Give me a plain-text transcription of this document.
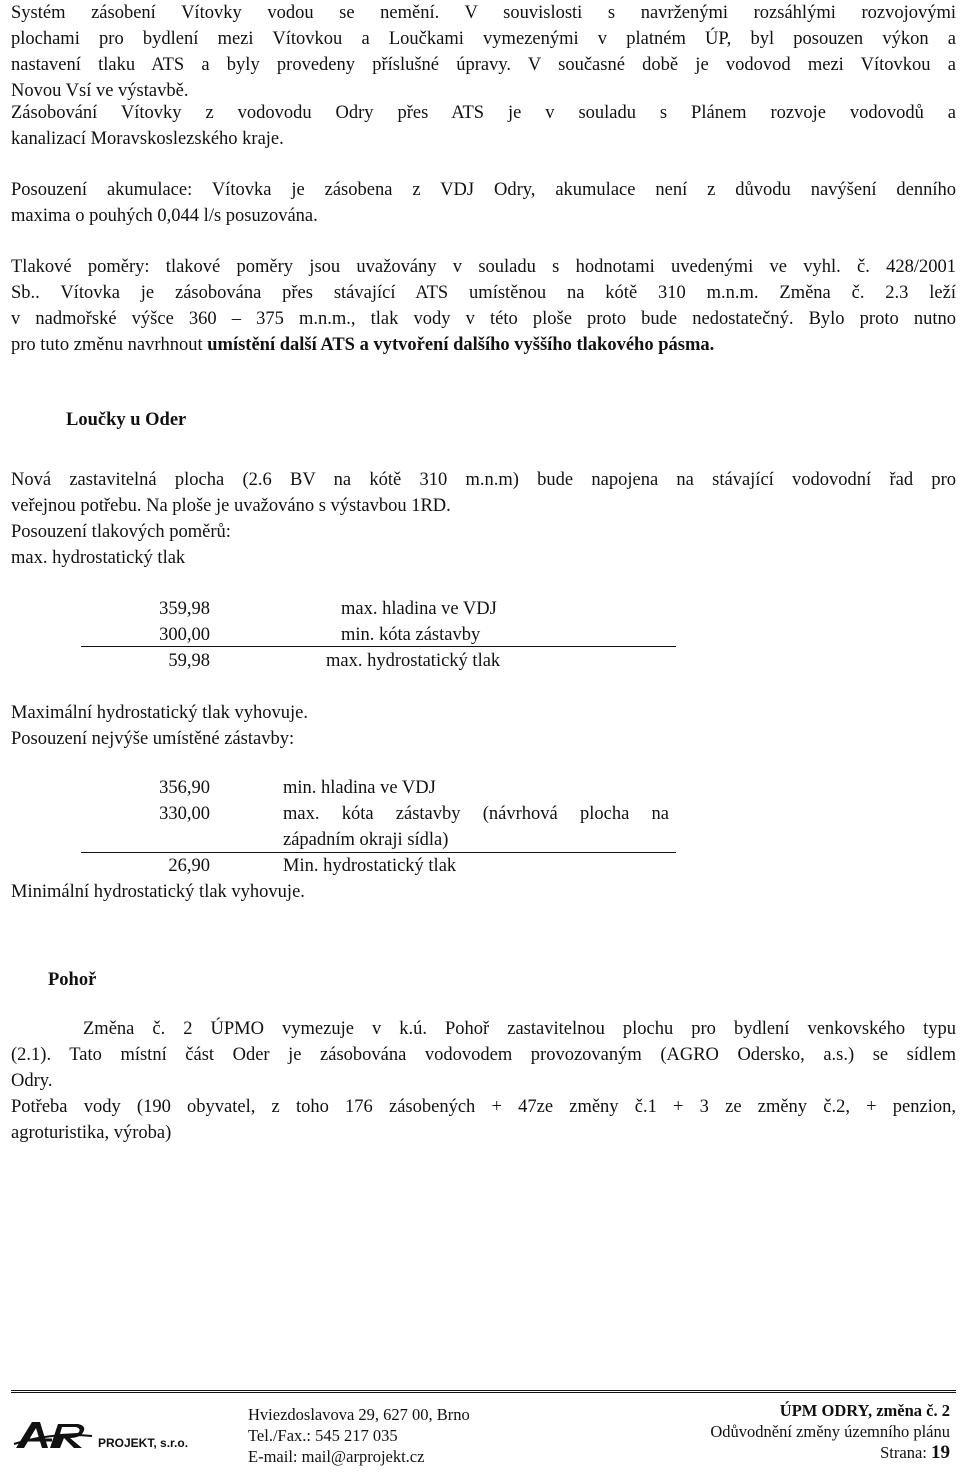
Systém zásobení Vítovky vodou se nemění. V souvislosti s navrženými rozsáhlými rozvojovými
plochami pro bydlení mezi Vítovkou a Loučkami vymezenými v platném ÚP, byl posouzen výkon a
nastavení tlaku ATS a byly provedeny příslušné úpravy. V současné době je vodovod mezi Vítovkou a
Novou Vsí ve výstavbě.
Zásobování Vítovky z vodovodu Odry přes ATS je v souladu s Plánem rozvoje vodovodů a
kanalizací Moravskoslezského kraje.
Posouzení akumulace: Vítovka je zásobena z VDJ Odry, akumulace není z důvodu navýšení denního
maxima o pouhých 0,044 l/s posuzována.
Tlakové poměry: tlakové poměry jsou uvažovány v souladu s hodnotami uvedenými ve vyhl. č. 428/2001
Sb.. Vítovka je zásobována přes stávající ATS umístěnou na kótě 310 m.n.m. Změna č. 2.3 leží
v nadmořské výšce 360 – 375 m.n.m., tlak vody v této ploše proto bude nedostatečný. Bylo proto nutno
pro tuto změnu navrhnout umístění další ATS a vytvoření dalšího vyššího tlakového pásma.
Loučky u Oder
Nová zastavitelná plocha (2.6 BV na kótě 310 m.n.m) bude napojena na stávající vodovodní řad pro
veřejnou potřebu. Na ploše je uvažováno s výstavbou 1RD.
Posouzení tlakových poměrů:
max. hydrostatický tlak
359,98	max. hladina ve VDJ
300,00	min. kóta zástavby
59,98	max. hydrostatický tlak
Maximální hydrostatický tlak vyhovuje.
Posouzení nejvýše umístěné zástavby:
356,90	min. hladina ve VDJ
330,00	max. kóta zástavby (návrhová plocha na
západním okraji sídla)
26,90	Min. hydrostatický tlak
Minimální hydrostatický tlak vyhovuje.
Pohoř
Změna č. 2 ÚPMO vymezuje v k.ú. Pohoř zastavitelnou plochu pro bydlení venkovského typu
(2.1). Tato místní část Oder je zásobována vodovodem provozovaným (AGRO Odersko, a.s.) se sídlem
Odry.
Potřeba vody (190 obyvatel, z toho 176 zásobených + 47ze změny č.1 + 3 ze změny č.2, + penzion,
agroturistika, výroba)
PROJEKT, s.r.o.
Hviezdoslavova 29, 627 00, Brno
Tel./Fax.: 545 217 035
E-mail: mail@arprojekt.cz
ÚPM ODRY, změna č. 2
Odůvodnění změny územního plánu
Strana: 19
